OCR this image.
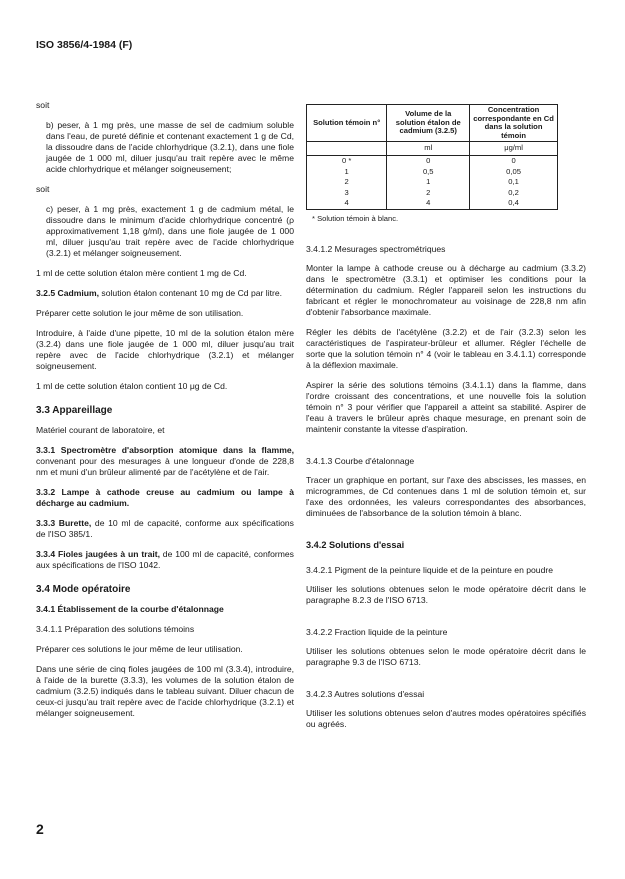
ISO 3856/4-1984 (F)

soit

b) peser, à 1 mg près, une masse de sel de cadmium soluble dans l'eau, de pureté définie et contenant exactement 1 g de Cd, la dissoudre dans de l'acide chlorhydrique (3.2.1), dans une fiole jaugée de 1 000 ml, diluer jusqu'au trait repère avec le même acide chlorhydrique et mélanger soigneusement;

soit

c) peser, à 1 mg près, exactement 1 g de cadmium métal, le dissoudre dans le minimum d'acide chlorhydrique concentré (ρ approximativement 1,18 g/ml), dans une fiole jaugée de 1 000 ml, diluer jusqu'au trait repère avec de l'acide chlorhydrique (3.2.1) et mélanger soigneusement.

1 ml de cette solution étalon mère contient 1 mg de Cd.

3.2.5 Cadmium, solution étalon contenant 10 mg de Cd par litre.

Préparer cette solution le jour même de son utilisation.

Introduire, à l'aide d'une pipette, 10 ml de la solution étalon mère (3.2.4) dans une fiole jaugée de 1 000 ml, diluer jusqu'au trait repère avec de l'acide chlorhydrique (3.2.1) et mélanger soigneusement.

1 ml de cette solution étalon contient 10 μg de Cd.

3.3 Appareillage

Matériel courant de laboratoire, et

3.3.1 Spectromètre d'absorption atomique dans la flamme, convenant pour des mesurages à une longueur d'onde de 228,8 nm et muni d'un brûleur alimenté par de l'acétylène et de l'air.

3.3.2 Lampe à cathode creuse au cadmium ou lampe à décharge au cadmium.

3.3.3 Burette, de 10 ml de capacité, conforme aux spécifications de l'ISO 385/1.

3.3.4 Fioles jaugées à un trait, de 100 ml de capacité, conformes aux spécifications de l'ISO 1042.

3.4 Mode opératoire

3.4.1 Établissement de la courbe d'étalonnage

3.4.1.1 Préparation des solutions témoins

Préparer ces solutions le jour même de leur utilisation.

Dans une série de cinq fioles jaugées de 100 ml (3.3.4), introduire, à l'aide de la burette (3.3.3), les volumes de la solution étalon de cadmium (3.2.5) indiqués dans le tableau suivant. Diluer chacun de ceux-ci jusqu'au trait repère avec de l'acide chlorhydrique (3.2.1) et mélanger soigneusement.

Solution témoin n°	Volume de la solution étalon de cadmium (3.2.5)	Concentration correspondante en Cd dans la solution témoin
	ml	μg/ml
0 *	0	0
1	0,5	0,05
2	1	0,1
3	2	0,2
4	4	0,4
* Solution témoin à blanc.

3.4.1.2 Mesurages spectrométriques

Monter la lampe à cathode creuse ou à décharge au cadmium (3.3.2) dans le spectromètre (3.3.1) et optimiser les conditions pour la détermination du cadmium. Régler l'appareil selon les instructions du fabricant et régler le monochromateur au voisinage de 228,8 nm afin d'obtenir l'absorbance maximale.

Régler les débits de l'acétylène (3.2.2) et de l'air (3.2.3) selon les caractéristiques de l'aspirateur-brûleur et allumer. Régler l'échelle de sorte que la solution témoin n° 4 (voir le tableau en 3.4.1.1) corresponde à la déflexion maximale.

Aspirer la série des solutions témoins (3.4.1.1) dans la flamme, dans l'ordre croissant des concentrations, et une nouvelle fois la solution témoin n° 3 pour vérifier que l'appareil a atteint sa stabilité. Aspirer de l'eau à travers le brûleur après chaque mesurage, en prenant soin de maintenir constante la vitesse d'aspiration.

3.4.1.3 Courbe d'étalonnage

Tracer un graphique en portant, sur l'axe des abscisses, les masses, en microgrammes, de Cd contenues dans 1 ml de solution témoin et, sur l'axe des ordonnées, les valeurs correspondantes des absorbances, diminuées de l'absorbance de la solution témoin à blanc.

3.4.2 Solutions d'essai

3.4.2.1 Pigment de la peinture liquide et de la peinture en poudre

Utiliser les solutions obtenues selon le mode opératoire décrit dans le paragraphe 8.2.3 de l'ISO 6713.

3.4.2.2 Fraction liquide de la peinture

Utiliser les solutions obtenues selon le mode opératoire décrit dans le paragraphe 9.3 de l'ISO 6713.

3.4.2.3 Autres solutions d'essai

Utiliser les solutions obtenues selon d'autres modes opératoires spécifiés ou agréés.

2
